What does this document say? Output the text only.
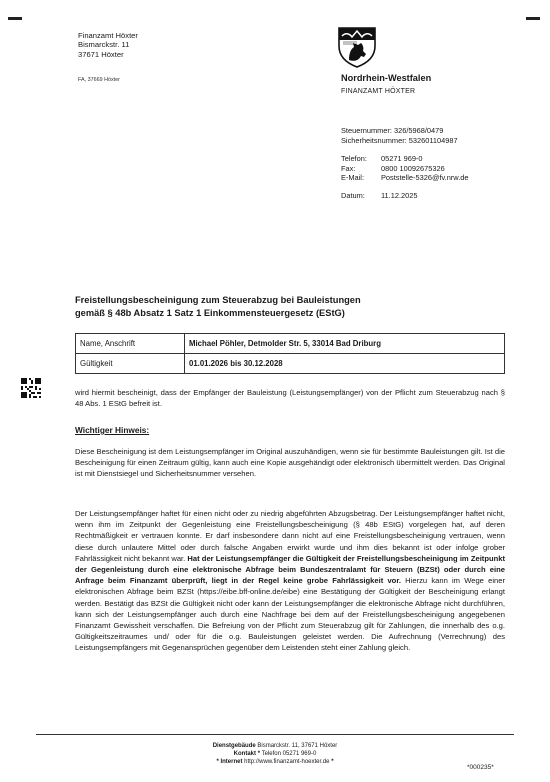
Finanzamt Höxter
Bismarckstr. 11
37671 Höxter
FA, 37669 Höxter	Nordrhein-Westfalen
FINANZAMT HÖXTER
Steuernummer: 326/5968/0479
Sicherheitsnummer: 532601104987
Telefon: 05271 969-0
Fax:	0800 10092675326
E-Mail: Poststelle-5326@fv.nrw.de
Datum: 11.12.2025
Freistellungsbescheinigung zum Steuerabzug bei Bauleistungen
gemäß § 48b Absatz 1 Satz 1 Einkommensteuergesetz (EStG)
Name, Anschrift	Michael Pöhler, Detmolder Str. 5, 33014 Bad Driburg
Gültigkeit	01.01.2026 bis 30.12.2028
wird hiermit bescheinigt, dass der Empfänger der Bauleistung (Leistungsempfänger) von der Pflicht zum Steuerabzug nach § 48 Abs. 1 EStG befreit ist.
Wichtiger Hinweis:
Diese Bescheinigung ist dem Leistungsempfänger im Original auszuhändigen, wenn sie für bestimmte Bauleistungen gilt. Ist die Bescheinigung für einen Zeitraum gültig, kann auch eine Kopie ausgehändigt oder elektronisch übermittelt werden. Das Original ist mit Dienstsiegel und Sicherheitsnummer versehen.
Der Leistungsempfänger haftet für einen nicht oder zu niedrig abgeführten Abzugsbetrag. Der Leistungsempfänger haftet nicht, wenn ihm im Zeitpunkt der Gegenleistung eine Freistellungsbescheinigung (§ 48b EStG) vorgelegen hat, auf deren Rechtmäßigkeit er vertrauen konnte. Er darf insbesondere dann nicht auf eine Freistellungsbescheinigung vertrauen, wenn diese durch unlautere Mittel oder durch falsche Angaben erwirkt wurde und ihm dies bekannt ist oder infolge grober Fahrlässigkeit nicht bekannt war. Hat der Leistungsempfänger die Gültigkeit der Freistellungsbescheinigung im Zeitpunkt der Gegenleistung durch eine elektronische Abfrage beim Bundeszentralamt für Steuern (BZSt) oder durch eine Anfrage beim Finanzamt überprüft, liegt in der Regel keine grobe Fahrlässigkeit vor. Hierzu kann im Wege einer elektronischen Abfrage beim BZSt (https://eibe.bff-online.de/eibe) eine Bestätigung der Gültigkeit der Bescheinigung erlangt werden. Bestätigt das BZSt die Gültigkeit nicht oder kann der Leistungsempfänger die elektronische Abfrage nicht durchführen, kann sich der Leistungsempfänger auch durch eine Nachfrage bei dem auf der Freistellungsbescheinigung angegebenen Finanzamt Gewissheit verschaffen. Die Befreiung von der Pflicht zum Steuerabzug gilt für Zahlungen, die innerhalb des o.g. Gültigkeitszeitraumes und/ oder für die o.g. Bauleistungen geleistet werden. Die Aufrechnung (Verrechnung) des Leistungsempfängers mit Gegenansprüchen gegenüber dem Leistenden steht einer Zahlung gleich.
Dienstgebäude Bismarckstr. 11, 37671 Höxter
Kontakt * Telefon 05271 969-0
* Internet http://www.finanzamt-hoexter.de *
*000235*
